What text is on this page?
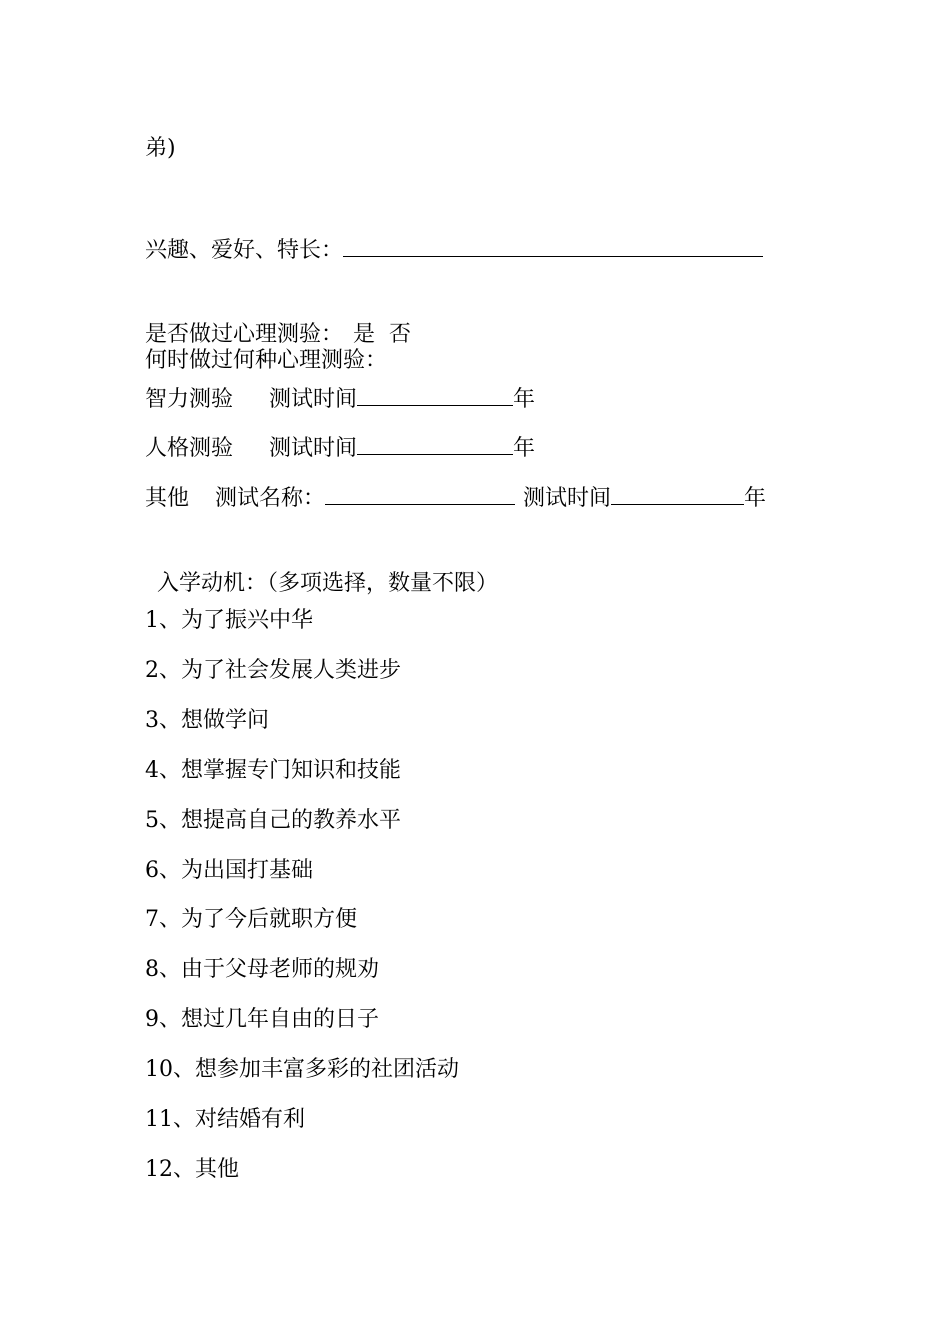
弟)
兴趣、爱好、特长：
是否做过心理测验： 是 否
何时做过何种心理测验：
智力测验 测试时间	年
人格测验 测试时间	年
其他 测试名称：	测试时间	年
入学动机：（多项选择，数量不限）
1、为了振兴中华
2、为了社会发展人类进步
3、想做学问
4、想掌握专门知识和技能
5、想提高自己的教养水平
6、为出国打基础
7、为了今后就职方便
8、由于父母老师的规劝
9、想过几年自由的日子
10、想参加丰富多彩的社团活动
11、对结婚有利
12、其他
